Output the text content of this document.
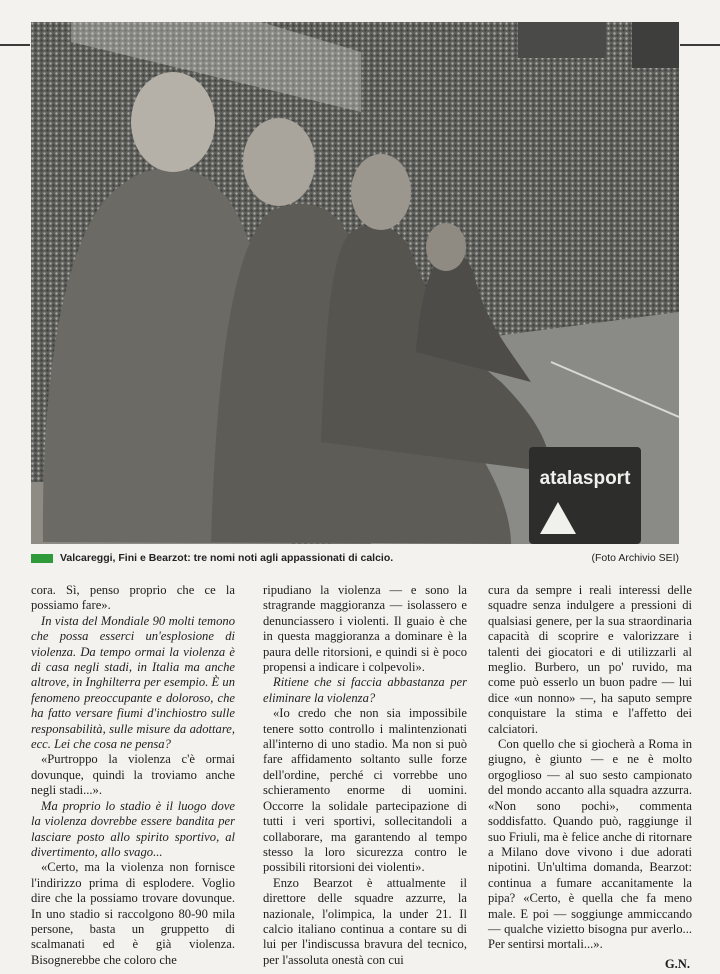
atalasport
Valcareggi, Fini e Bearzot: tre nomi noti agli appassionati di calcio.	(Foto Archivio SEI)

cora. Sì, penso proprio che ce la possiamo fare».

In vista del Mondiale 90 molti temono che possa esserci un'esplosione di violenza. Da tempo ormai la violenza è di casa negli stadi, in Italia ma anche altrove, in Inghilterra per esempio. È un fenomeno preoccupante e doloroso, che ha fatto versare fiumi d'inchiostro sulle responsabilità, sulle misure da adottare, ecc. Lei che cosa ne pensa?

«Purtroppo la violenza c'è ormai dovunque, quindi la troviamo anche negli stadi...».

Ma proprio lo stadio è il luogo dove la violenza dovrebbe essere bandita per lasciare posto allo spirito sportivo, al divertimento, allo svago...

«Certo, ma la violenza non fornisce l'indirizzo prima di esplodere. Voglio dire che la possiamo trovare dovunque. In uno stadio si raccolgono 80-90 mila persone, basta un gruppetto di scalmanati ed è già violenza. Bisognerebbe che coloro che

ripudiano la violenza — e sono la stragrande maggioranza — isolassero e denunciassero i violenti. Il guaio è che in questa maggioranza a dominare è la paura delle ritorsioni, e quindi si è poco propensi a indicare i colpevoli».

Ritiene che si faccia abbastanza per eliminare la violenza?

«Io credo che non sia impossibile tenere sotto controllo i malintenzionati all'interno di uno stadio. Ma non si può fare affidamento soltanto sulle forze dell'ordine, perché ci vorrebbe uno schieramento enorme di uomini. Occorre la solidale partecipazione di tutti i veri sportivi, sollecitandoli a collaborare, ma garantendo al tempo stesso la loro sicurezza contro le possibili ritorsioni dei violenti».

Enzo Bearzot è attualmente il direttore delle squadre azzurre, la nazionale, l'olimpica, la under 21. Il calcio italiano continua a contare su di lui per l'indiscussa bravura del tecnico, per l'assoluta onestà con cui

cura da sempre i reali interessi delle squadre senza indulgere a pressioni di qualsiasi genere, per la sua straordinaria capacità di scoprire e valorizzare i talenti dei giocatori e di utilizzarli al meglio. Burbero, un po' ruvido, ma come può esserlo un buon padre — lui dice «un nonno» —, ha saputo sempre conquistare la stima e l'affetto dei calciatori.

Con quello che si giocherà a Roma in giugno, è giunto — e ne è molto orgoglioso — al suo sesto campionato del mondo accanto alla squadra azzurra. «Non sono pochi», commenta soddisfatto. Quando può, raggiunge il suo Friuli, ma è felice anche di ritornare a Milano dove vivono i due adorati nipotini. Un'ultima domanda, Bearzot: continua a fumare accanitamente la pipa? «Certo, è quella che fa meno male. E poi — soggiunge ammiccando — qualche vizietto bisogna pur averlo... Per sentirsi mortali...».

G.N.
